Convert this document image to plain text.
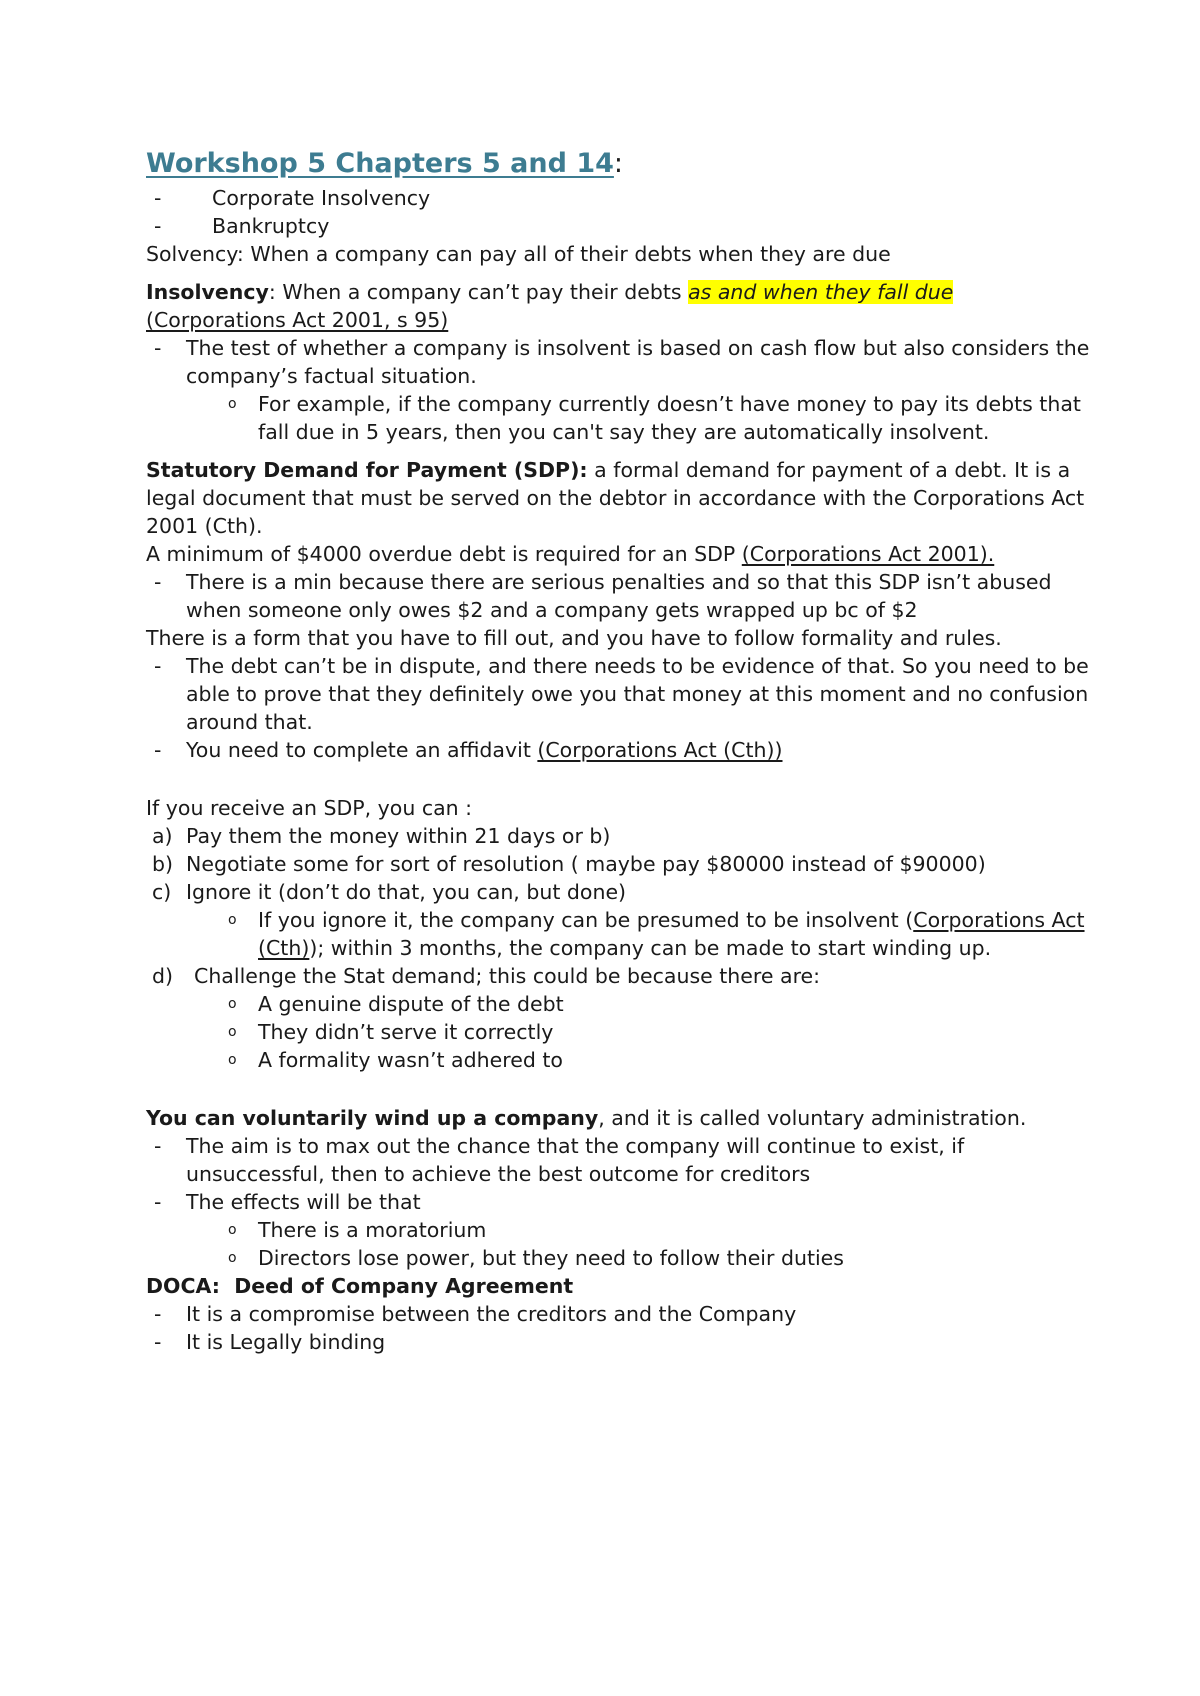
Workshop 5 Chapters 5 and 14:
- Corporate Insolvency
- Bankruptcy

Solvency: When a company can pay all of their debts when they are due

Insolvency: When a company can’t pay their debts as and when they fall due
(Corporations Act 2001, s 95)

- The test of whether a company is insolvent is based on cash flow but also considers the company’s factual situation.
o For example, if the company currently doesn’t have money to pay its debts that fall due in 5 years, then you can't say they are automatically insolvent.

Statutory Demand for Payment (SDP): a formal demand for payment of a debt. It is a legal document that must be served on the debtor in accordance with the Corporations Act 2001 (Cth).

A minimum of $4000 overdue debt is required for an SDP (Corporations Act 2001).

- There is a min because there are serious penalties and so that this SDP isn’t abused when someone only owes $2 and a company gets wrapped up bc of $2

There is a form that you have to fill out, and you have to follow formality and rules.

- The debt can’t be in dispute, and there needs to be evidence of that. So you need to be able to prove that they definitely owe you that money at this moment and no confusion around that.
- You need to complete an affidavit (Corporations Act (Cth))

If you receive an SDP, you can :

a) Pay them the money within 21 days or b)
b) Negotiate some for sort of resolution ( maybe pay $80000 instead of $90000)
c) Ignore it (don’t do that, you can, but done)
o If you ignore it, the company can be presumed to be insolvent (Corporations Act (Cth)); within 3 months, the company can be made to start winding up.
d) Challenge the Stat demand; this could be because there are:
o A genuine dispute of the debt
o They didn’t serve it correctly
o A formality wasn’t adhered to

You can voluntarily wind up a company, and it is called voluntary administration.

- The aim is to max out the chance that the company will continue to exist, if unsuccessful, then to achieve the best outcome for creditors
- The effects will be that
o There is a moratorium
o Directors lose power, but they need to follow their duties

DOCA:  Deed of Company Agreement

- It is a compromise between the creditors and the Company
- It is Legally binding
